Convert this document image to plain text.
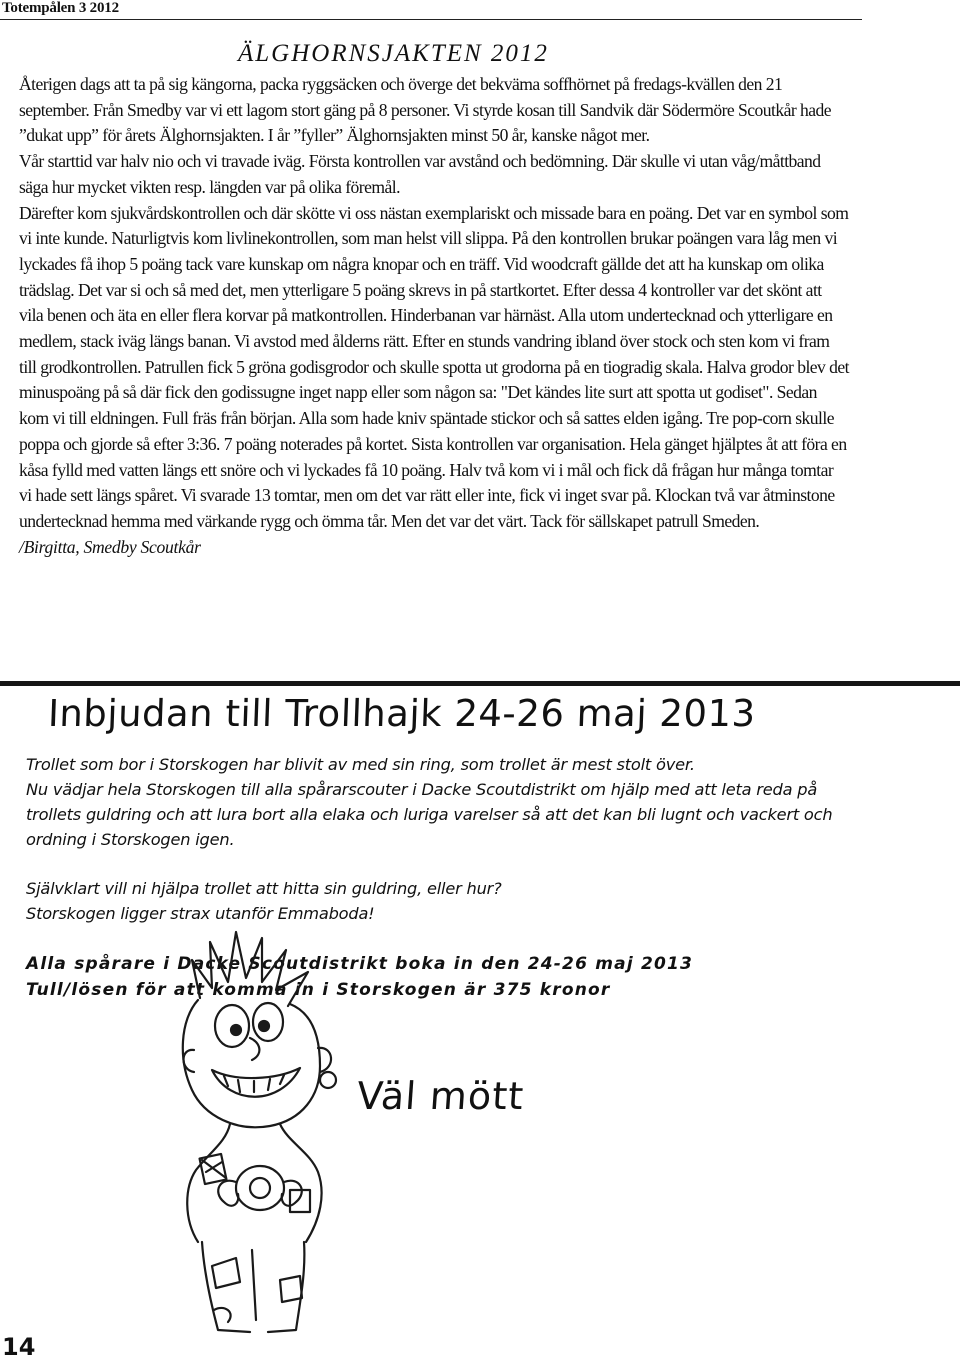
Totempålen 3 2012
ÄLGHORNSJAKTEN 2012

Återigen dags att ta på sig kängorna, packa ryggsäcken och överge det bekväma soffhörnet på fredags-kvällen den 21 september. Från Smedby var vi ett lagom stort gäng på 8 personer. Vi styrde kosan till Sandvik där Södermöre Scoutkår hade ”dukat upp” för årets Älghornsjakten. I år ”fyller” Älghornsjakten minst 50 år, kanske något mer.

Vår starttid var halv nio och vi travade iväg. Första kontrollen var avstånd och bedömning. Där skulle vi utan våg/måttband säga hur mycket vikten resp. längden var på olika föremål.

Därefter kom sjukvårdskontrollen och där skötte vi oss nästan exemplariskt och missade bara en poäng. Det var en symbol som vi inte kunde. Naturligtvis kom livlinekontrollen, som man helst vill slippa. På den kontrollen brukar poängen vara låg men vi lyckades få ihop 5 poäng tack vare kunskap om några knopar och en träff. Vid woodcraft gällde det att ha kunskap om olika trädslag. Det var si och så med det, men ytterligare 5 poäng skrevs in på startkortet. Efter dessa 4 kontroller var det skönt att vila benen och äta en eller flera korvar på matkontrollen. Hinderbanan var härnäst. Alla utom undertecknad och ytterligare en medlem, stack iväg längs banan. Vi avstod med ålderns rätt. Efter en stunds vandring ibland över stock och sten kom vi fram till grodkontrollen. Patrullen fick 5 gröna godisgrodor och skulle spotta ut grodorna på en tiogradig skala. Halva grodor blev det minuspoäng på så där fick den godissugne inget napp eller som någon sa: "Det kändes lite surt att spotta ut godiset". Sedan kom vi till eldningen. Full fräs från början. Alla som hade kniv späntade stickor och så sattes elden igång. Tre pop-corn skulle poppa och gjorde så efter 3:36. 7 poäng noterades på kortet. Sista kontrollen var organisation. Hela gänget hjälptes åt att föra en kåsa fylld med vatten längs ett snöre och vi lyckades få 10 poäng. Halv två kom vi i mål och fick då frågan hur många tomtar vi hade sett längs spåret. Vi svarade 13 tomtar, men om det var rätt eller inte, fick vi inget svar på. Klockan två var åtminstone undertecknad hemma med värkande rygg och ömma tår. Men det var det värt. Tack för sällskapet patrull Smeden.

/Birgitta, Smedby Scoutkår

Inbjudan till Trollhajk 24-26 maj 2013

Trollet som bor i Storskogen har blivit av med sin ring, som trollet är mest stolt över.

Nu vädjar hela Storskogen till alla spårarscouter i Dacke Scoutdistrikt om hjälp med att leta reda på trollets guldring och att lura bort alla elaka och luriga varelser så att det kan bli lugnt och vackert och ordning i Storskogen igen.

Självklart vill ni hjälpa trollet att hitta sin guldring, eller hur?

Storskogen ligger strax utanför Emmaboda!

Alla spårare i Dacke Scoutdistrikt boka in den 24-26 maj 2013

Tull/lösen för att komma in i Storskogen är 375 kronor

Väl mött
14
